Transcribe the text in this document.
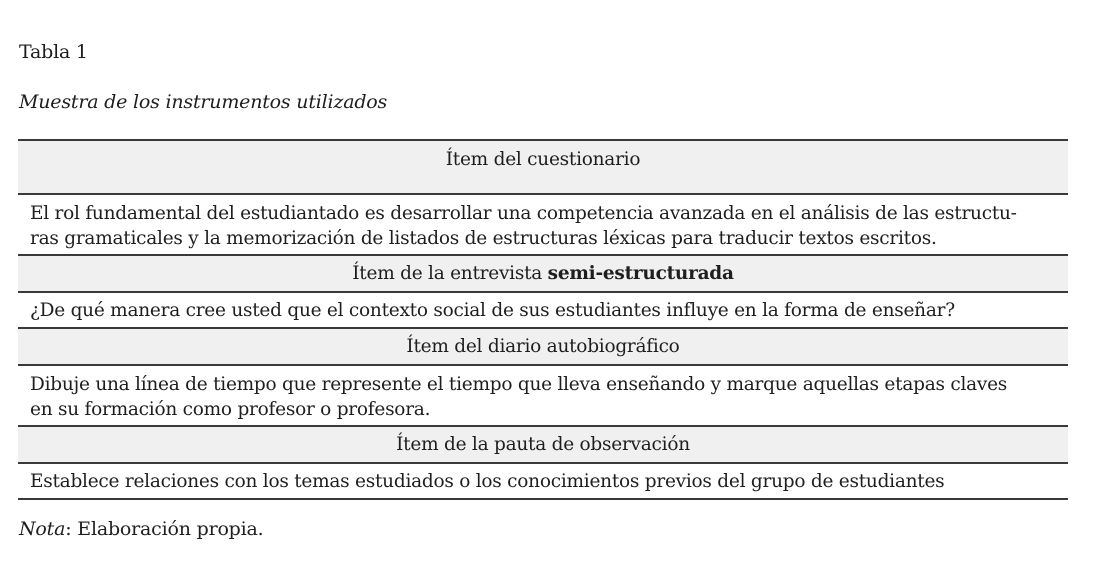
Tabla 1
Muestra de los instrumentos utilizados
Ítem del cuestionario
El rol fundamental del estudiantado es desarrollar una competencia avanzada en el análisis de las estructu-
ras gramaticales y la memorización de listados de estructuras léxicas para traducir textos escritos.
Ítem de la entrevista semi-estructurada
¿De qué manera cree usted que el contexto social de sus estudiantes influye en la forma de enseñar?
Ítem del diario autobiográfico
Dibuje una línea de tiempo que represente el tiempo que lleva enseñando y marque aquellas etapas claves
en su formación como profesor o profesora.
Ítem de la pauta de observación
Establece relaciones con los temas estudiados o los conocimientos previos del grupo de estudiantes
Nota: Elaboración propia.
